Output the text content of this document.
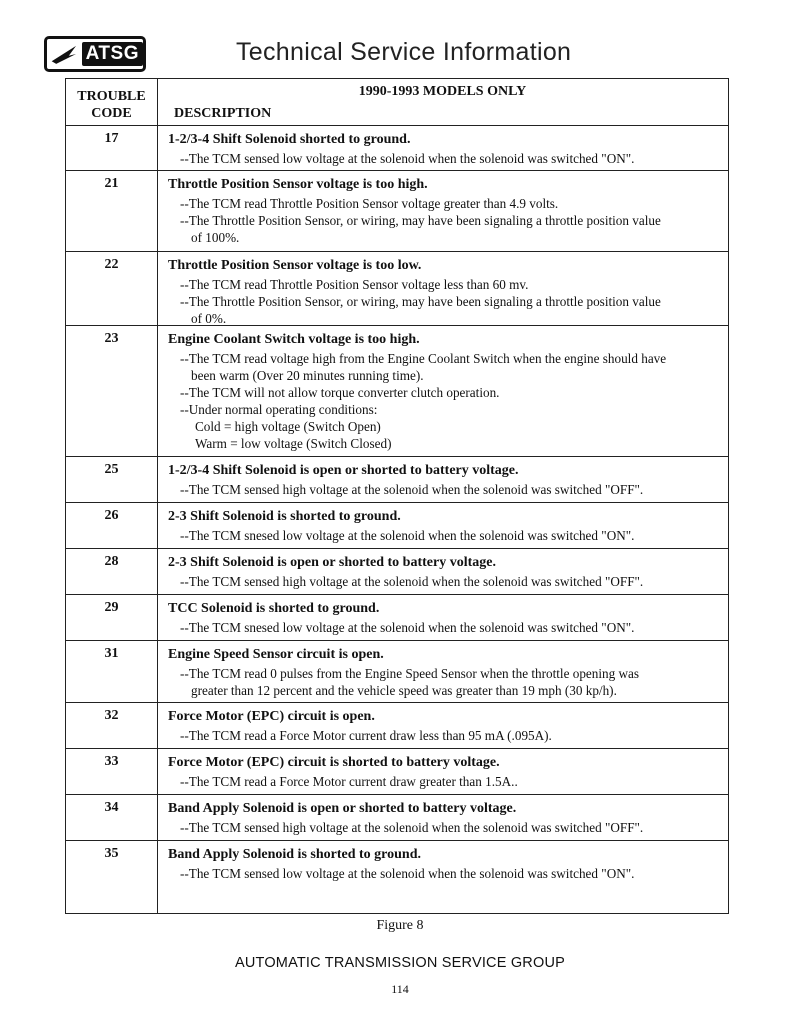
ATSG	Technical Service Information
TROUBLE
CODE
1990-1993 MODELS ONLY
DESCRIPTION
17	1-2/3-4 Shift Solenoid shorted to ground.
--The TCM sensed low voltage at the solenoid when the solenoid was switched "ON".
21	Throttle Position Sensor voltage is too high.
--The TCM read Throttle Position Sensor voltage greater than 4.9 volts.
--The Throttle Position Sensor, or wiring, may have been signaling a throttle position value
of 100%.
22	Throttle Position Sensor voltage is too low.
--The TCM read Throttle Position Sensor voltage less than 60 mv.
--The Throttle Position Sensor, or wiring, may have been signaling a throttle position value
of 0%.
23	Engine Coolant Switch voltage is too high.
--The TCM read voltage high from the Engine Coolant Switch when the engine should have
been warm (Over 20 minutes running time).
--The TCM will not allow torque converter clutch operation.
--Under normal operating conditions:
Cold = high voltage (Switch Open)
Warm = low voltage (Switch Closed)
25	1-2/3-4 Shift Solenoid is open or shorted to battery voltage.
--The TCM sensed high voltage at the solenoid when the solenoid was switched "OFF".
26	2-3 Shift Solenoid is shorted to ground.
--The TCM snesed low voltage at the solenoid when the solenoid was switched "ON".
28	2-3 Shift Solenoid is open or shorted to battery voltage.
--The TCM sensed high voltage at the solenoid when the solenoid was switched "OFF".
29	TCC Solenoid is shorted to ground.
--The TCM snesed low voltage at the solenoid when the solenoid was switched "ON".
31	Engine Speed Sensor circuit is open.
--The TCM read 0 pulses from the Engine Speed Sensor when the throttle opening was
greater than 12 percent and the vehicle speed was greater than 19 mph (30 kp/h).
32	Force Motor (EPC) circuit is open.
--The TCM read a Force Motor current draw less than 95 mA (.095A).
33	Force Motor (EPC) circuit is shorted to battery voltage.
--The TCM read a Force Motor current draw greater than 1.5A..
34	Band Apply Solenoid is open or shorted to battery voltage.
--The TCM sensed high voltage at the solenoid when the solenoid was switched "OFF".
35	Band Apply Solenoid is shorted to ground.
--The TCM sensed low voltage at the solenoid when the solenoid was switched "ON".
Figure 8
AUTOMATIC TRANSMISSION SERVICE GROUP
114
